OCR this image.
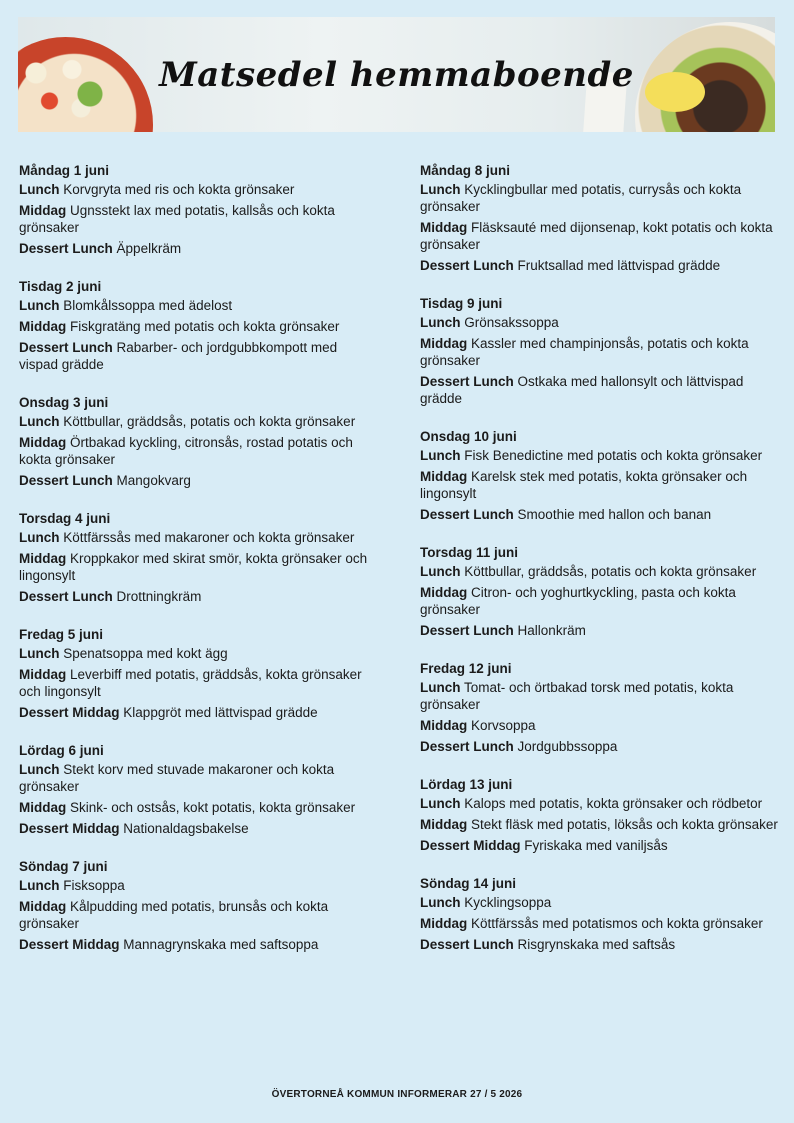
Matsedel hemmaboende
Måndag 1 juni
Lunch Korvgryta med ris och kokta grönsaker
Middag Ugnsstekt lax med potatis, kallsås och kokta grönsaker
Dessert Lunch Äppelkräm
Tisdag 2 juni
Lunch Blomkålssoppa med ädelost
Middag Fiskgratäng med potatis och kokta grönsaker
Dessert Lunch Rabarber- och jordgubbkompott med vispad grädde
Onsdag 3 juni
Lunch Köttbullar, gräddsås, potatis och kokta grönsaker
Middag Örtbakad kyckling, citronsås, rostad potatis och kokta grönsaker
Dessert Lunch Mangokvarg
Torsdag 4 juni
Lunch Köttfärssås med makaroner och kokta grönsaker
Middag Kroppkakor med skirat smör, kokta grönsaker och lingonsylt
Dessert Lunch Drottningkräm
Fredag 5 juni
Lunch Spenatsoppa med kokt ägg
Middag Leverbiff med potatis, gräddsås, kokta grönsaker och lingonsylt
Dessert Middag Klappgröt med lättvispad grädde
Lördag 6 juni
Lunch Stekt korv med stuvade makaroner och kokta grönsaker
Middag Skink- och ostsås, kokt potatis, kokta grönsaker
Dessert Middag Nationaldagsbakelse
Söndag 7 juni
Lunch Fisksoppa
Middag Kålpudding med potatis, brunsås och kokta grönsaker
Dessert Middag Mannagrynskaka med saftsoppa
Måndag 8 juni
Lunch Kycklingbullar med potatis, currysås och kokta grönsaker
Middag Fläsksauté med dijonsenap, kokt potatis och kokta grönsaker
Dessert Lunch Fruktsallad med lättvispad grädde
Tisdag 9 juni
Lunch Grönsakssoppa
Middag Kassler med champinjonsås, potatis och kokta grönsaker
Dessert Lunch Ostkaka med hallonsylt och lättvispad grädde
Onsdag 10 juni
Lunch Fisk Benedictine med potatis och kokta grönsaker
Middag Karelsk stek med potatis, kokta grönsaker och lingonsylt
Dessert Lunch Smoothie med hallon och banan
Torsdag 11 juni
Lunch Köttbullar, gräddsås, potatis och kokta grönsaker
Middag Citron- och yoghurtkyckling, pasta och kokta grönsaker
Dessert Lunch Hallonkräm
Fredag 12 juni
Lunch Tomat- och örtbakad torsk med potatis, kokta grönsaker
Middag Korvsoppa
Dessert Lunch Jordgubbssoppa
Lördag 13 juni
Lunch Kalops med potatis, kokta grönsaker och rödbetor
Middag Stekt fläsk med potatis, löksås och kokta grönsaker
Dessert Middag Fyriskaka med vaniljsås
Söndag 14 juni
Lunch Kycklingsoppa
Middag Köttfärssås med potatismos och kokta grönsaker
Dessert Lunch Risgrynskaka med saftsås
ÖVERTORNEÅ KOMMUN INFORMERAR 27 / 5 2026
